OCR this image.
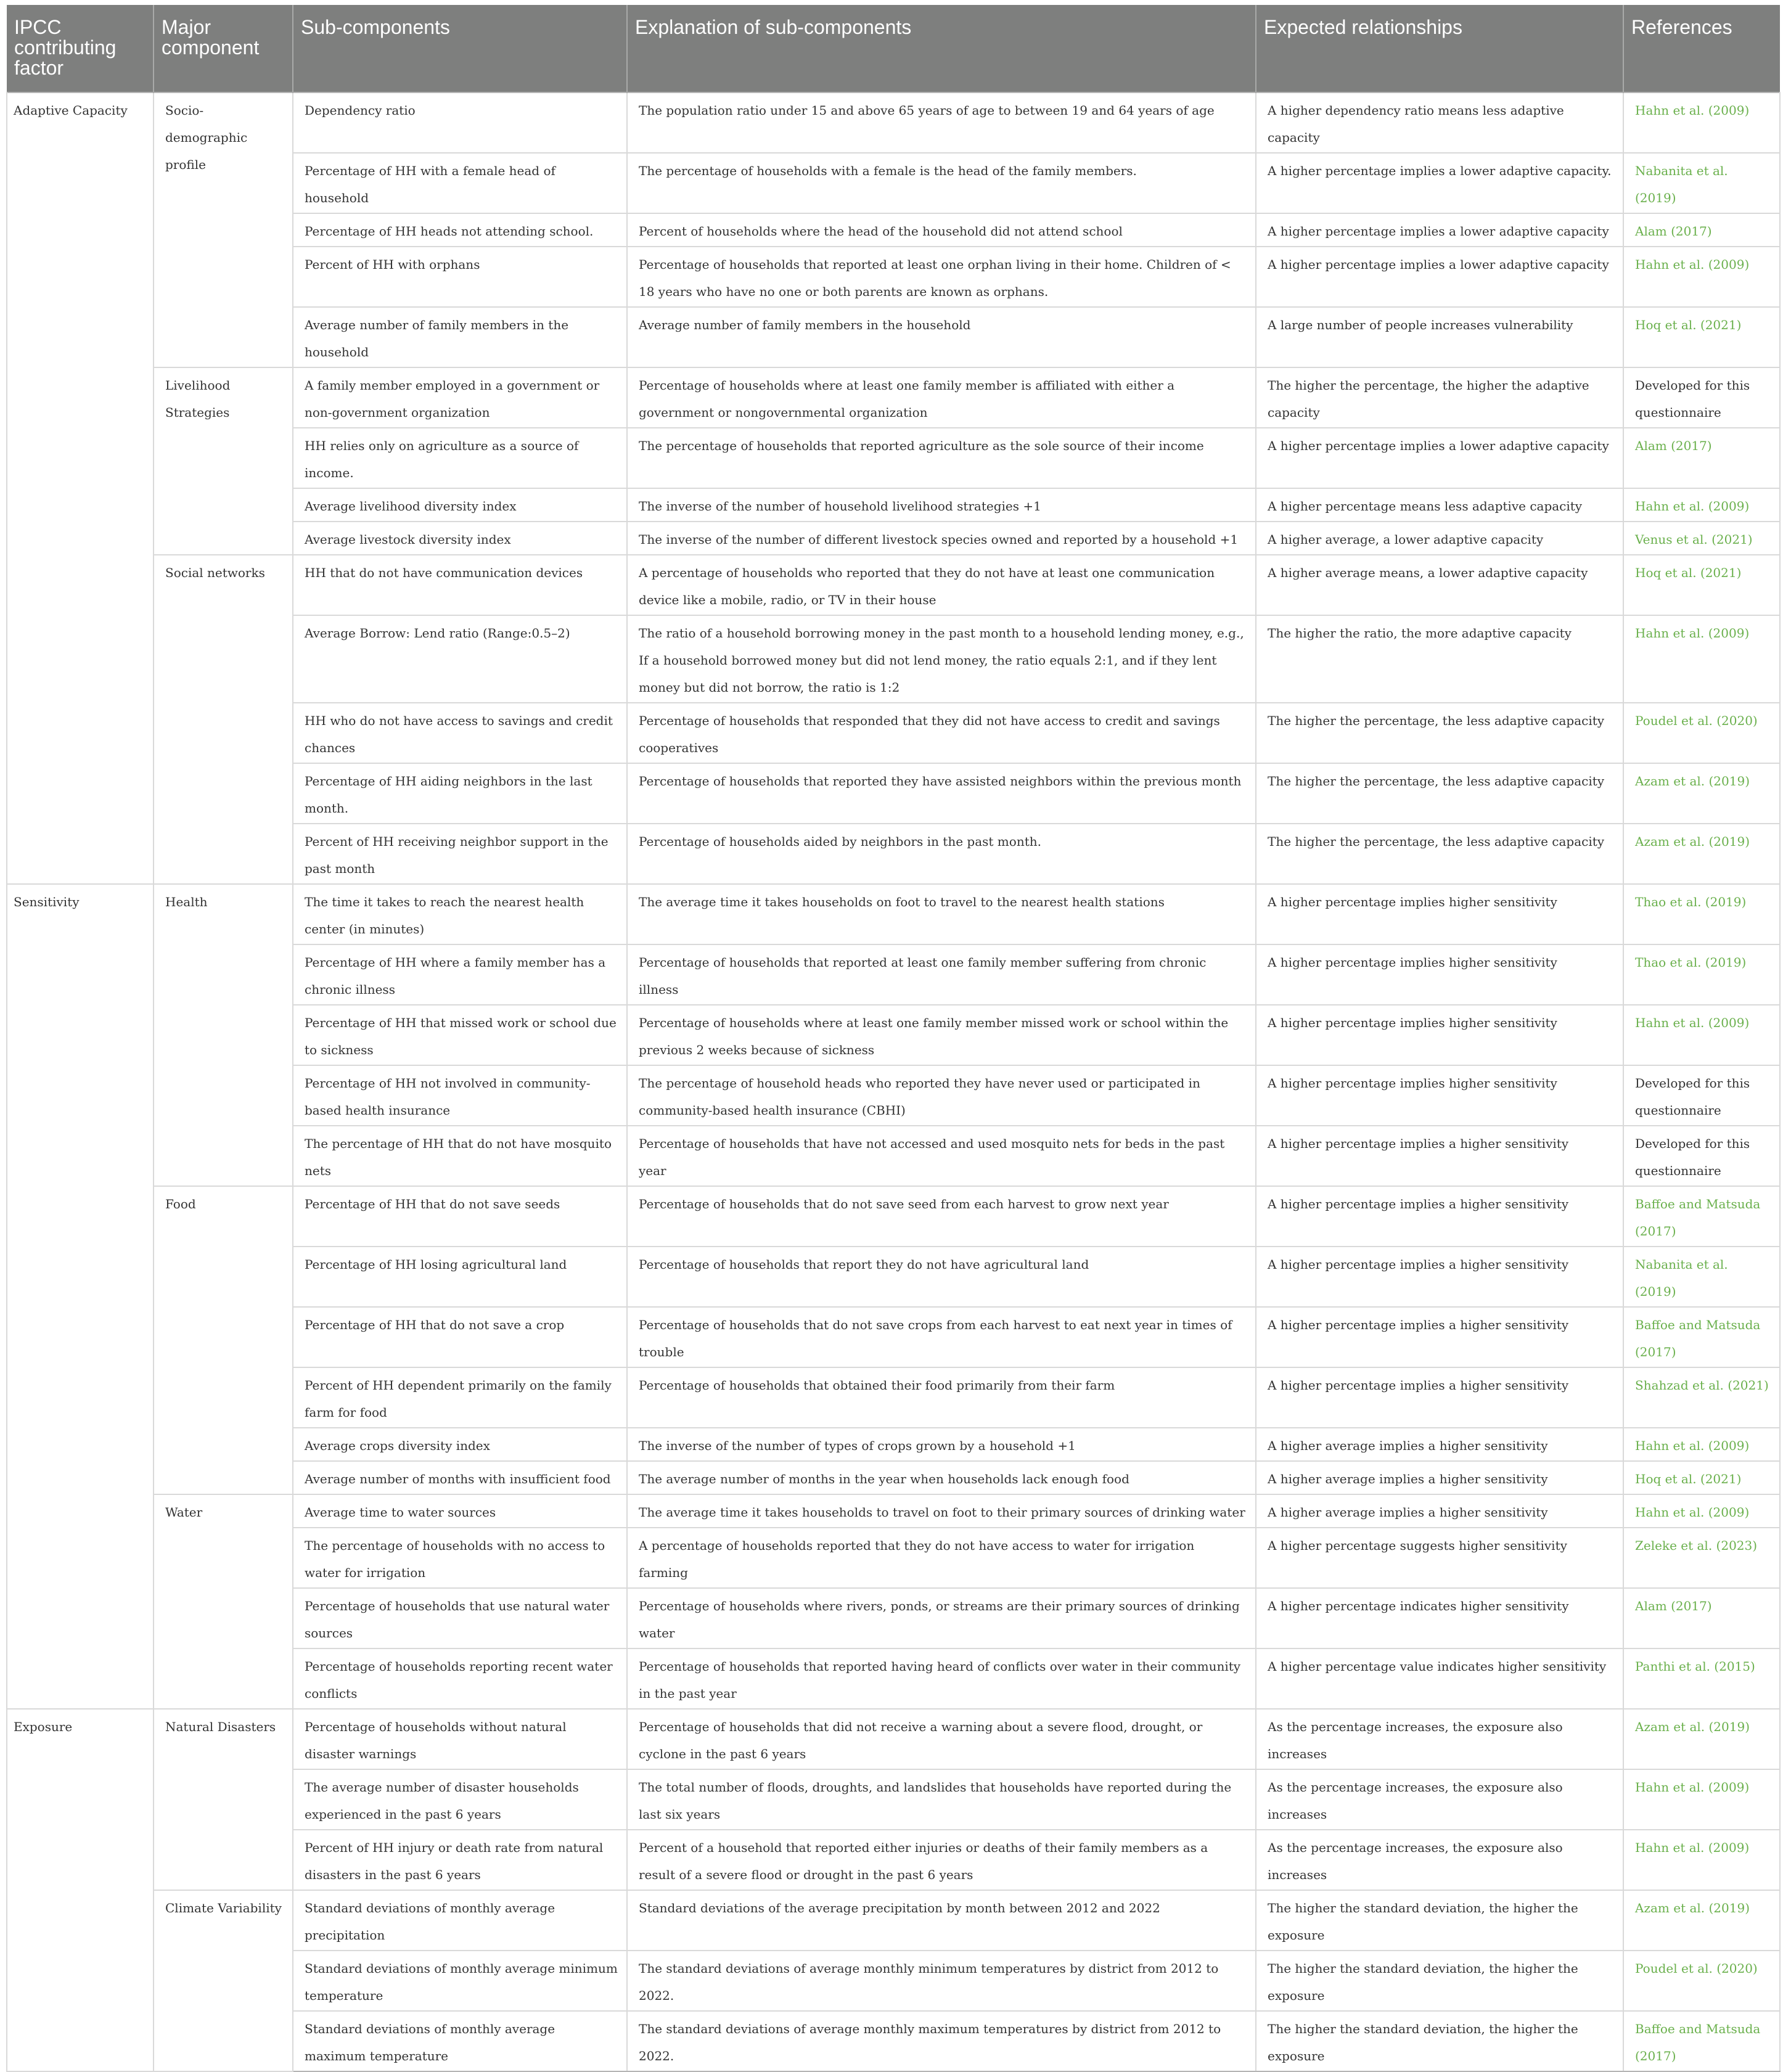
IPCC contributing factor	Major component	Sub-components	Explanation of sub-components	Expected relationships	References
Adaptive Capacity	Socio-demographic profile	Dependency ratio	The population ratio under 15 and above 65 years of age to between 19 and 64 years of age	A higher dependency ratio means less adaptive capacity	Hahn et al. (2009)
		Percentage of HH with a female head of household	The percentage of households with a female is the head of the family members.	A higher percentage implies a lower adaptive capacity.	Nabanita et al. (2019)
		Percentage of HH heads not attending school.	Percent of households where the head of the household did not attend school	A higher percentage implies a lower adaptive capacity	Alam (2017)
		Percent of HH with orphans	Percentage of households that reported at least one orphan living in their home. Children of < 18 years who have no one or both parents are known as orphans.	A higher percentage implies a lower adaptive capacity	Hahn et al. (2009)
		Average number of family members in the household	Average number of family members in the household	A large number of people increases vulnerability	Hoq et al. (2021)
	Livelihood Strategies	A family member employed in a government or non-government organization	Percentage of households where at least one family member is affiliated with either a government or nongovernmental organization	The higher the percentage, the higher the adaptive capacity	Developed for this questionnaire
		HH relies only on agriculture as a source of income.	The percentage of households that reported agriculture as the sole source of their income	A higher percentage implies a lower adaptive capacity	Alam (2017)
		Average livelihood diversity index	The inverse of the number of household livelihood strategies +1	A higher percentage means less adaptive capacity	Hahn et al. (2009)
		Average livestock diversity index	The inverse of the number of different livestock species owned and reported by a household +1	A higher average, a lower adaptive capacity	Venus et al. (2021)
	Social networks	HH that do not have communication devices	A percentage of households who reported that they do not have at least one communication device like a mobile, radio, or TV in their house	A higher average means, a lower adaptive capacity	Hoq et al. (2021)
		Average Borrow: Lend ratio (Range:0.5–2)	The ratio of a household borrowing money in the past month to a household lending money, e.g., If a household borrowed money but did not lend money, the ratio equals 2:1, and if they lent money but did not borrow, the ratio is 1:2	The higher the ratio, the more adaptive capacity	Hahn et al. (2009)
		HH who do not have access to savings and credit chances	Percentage of households that responded that they did not have access to credit and savings cooperatives	The higher the percentage, the less adaptive capacity	Poudel et al. (2020)
		Percentage of HH aiding neighbors in the last month.	Percentage of households that reported they have assisted neighbors within the previous month	The higher the percentage, the less adaptive capacity	Azam et al. (2019)
		Percent of HH receiving neighbor support in the past month	Percentage of households aided by neighbors in the past month.	The higher the percentage, the less adaptive capacity	Azam et al. (2019)
Sensitivity	Health	The time it takes to reach the nearest health center (in minutes)	The average time it takes households on foot to travel to the nearest health stations	A higher percentage implies higher sensitivity	Thao et al. (2019)
		Percentage of HH where a family member has a chronic illness	Percentage of households that reported at least one family member suffering from chronic illness	A higher percentage implies higher sensitivity	Thao et al. (2019)
		Percentage of HH that missed work or school due to sickness	Percentage of households where at least one family member missed work or school within the previous 2 weeks because of sickness	A higher percentage implies higher sensitivity	Hahn et al. (2009)
		Percentage of HH not involved in community-based health insurance	The percentage of household heads who reported they have never used or participated in community-based health insurance (CBHI)	A higher percentage implies higher sensitivity	Developed for this questionnaire
		The percentage of HH that do not have mosquito nets	Percentage of households that have not accessed and used mosquito nets for beds in the past year	A higher percentage implies a higher sensitivity	Developed for this questionnaire
	Food	Percentage of HH that do not save seeds	Percentage of households that do not save seed from each harvest to grow next year	A higher percentage implies a higher sensitivity	Baffoe and Matsuda (2017)
		Percentage of HH losing agricultural land	Percentage of households that report they do not have agricultural land	A higher percentage implies a higher sensitivity	Nabanita et al. (2019)
		Percentage of HH that do not save a crop	Percentage of households that do not save crops from each harvest to eat next year in times of trouble	A higher percentage implies a higher sensitivity	Baffoe and Matsuda (2017)
		Percent of HH dependent primarily on the family farm for food	Percentage of households that obtained their food primarily from their farm	A higher percentage implies a higher sensitivity	Shahzad et al. (2021)
		Average crops diversity index	The inverse of the number of types of crops grown by a household +1	A higher average implies a higher sensitivity	Hahn et al. (2009)
		Average number of months with insufficient food	The average number of months in the year when households lack enough food	A higher average implies a higher sensitivity	Hoq et al. (2021)
	Water	Average time to water sources	The average time it takes households to travel on foot to their primary sources of drinking water	A higher average implies a higher sensitivity	Hahn et al. (2009)
		The percentage of households with no access to water for irrigation	A percentage of households reported that they do not have access to water for irrigation farming	A higher percentage suggests higher sensitivity	Zeleke et al. (2023)
		Percentage of households that use natural water sources	Percentage of households where rivers, ponds, or streams are their primary sources of drinking water	A higher percentage indicates higher sensitivity	Alam (2017)
		Percentage of households reporting recent water conflicts	Percentage of households that reported having heard of conflicts over water in their community in the past year	A higher percentage value indicates higher sensitivity	Panthi et al. (2015)
Exposure	Natural Disasters	Percentage of households without natural disaster warnings	Percentage of households that did not receive a warning about a severe flood, drought, or cyclone in the past 6 years	As the percentage increases, the exposure also increases	Azam et al. (2019)
		The average number of disaster households experienced in the past 6 years	The total number of floods, droughts, and landslides that households have reported during the last six years	As the percentage increases, the exposure also increases	Hahn et al. (2009)
		Percent of HH injury or death rate from natural disasters in the past 6 years	Percent of a household that reported either injuries or deaths of their family members as a result of a severe flood or drought in the past 6 years	As the percentage increases, the exposure also increases	Hahn et al. (2009)
	Climate Variability	Standard deviations of monthly average precipitation	Standard deviations of the average precipitation by month between 2012 and 2022	The higher the standard deviation, the higher the exposure	Azam et al. (2019)
		Standard deviations of monthly average minimum temperature	The standard deviations of average monthly minimum temperatures by district from 2012 to 2022.	The higher the standard deviation, the higher the exposure	Poudel et al. (2020)
		Standard deviations of monthly average maximum temperature	The standard deviations of average monthly maximum temperatures by district from 2012 to 2022.	The higher the standard deviation, the higher the exposure	Baffoe and Matsuda (2017)
